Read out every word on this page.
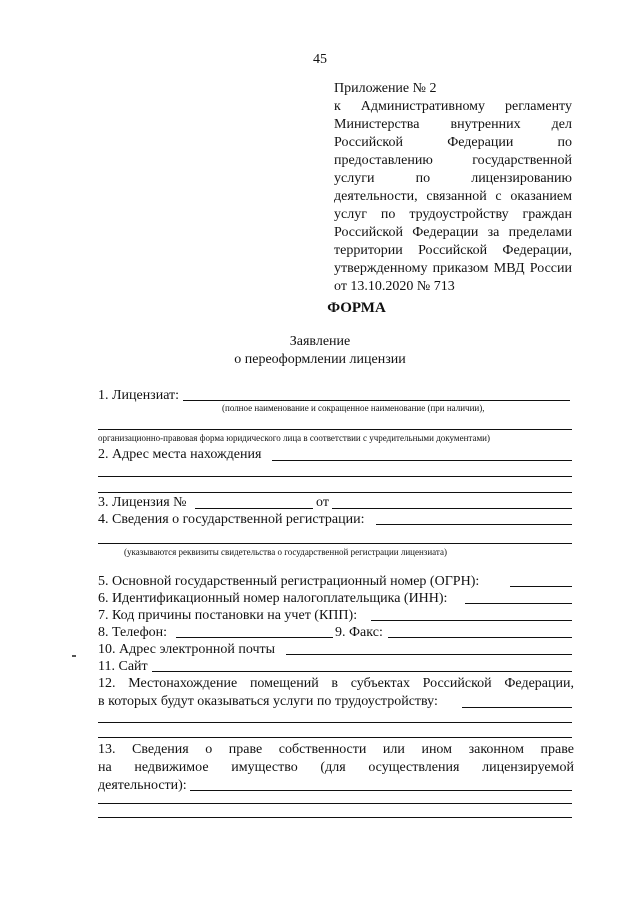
45
Приложение № 2
к Административному регламенту
Министерства внутренних дел
Российской Федерации по
предоставлению государственной
услуги по лицензированию
деятельности, связанной с оказанием
услуг по трудоустройству граждан
Российской Федерации за пределами
территории Российской Федерации,
утвержденному приказом МВД России
от 13.10.2020 № 713
ФОРМА
Заявление
о переоформлении лицензии
1. Лицензиат:
(полное наименование и сокращенное наименование (при наличии),
организационно-правовая форма юридического лица в соответствии с учредительными документами)
2. Адрес места нахождения
3. Лицензия №	от
4. Сведения о государственной регистрации:
(указываются реквизиты свидетельства о государственной регистрации лицензиата)
5. Основной государственный регистрационный номер (ОГРН):
6. Идентификационный номер налогоплательщика (ИНН):
7. Код причины постановки на учет (КПП):
8. Телефон:	9. Факс:
10. Адрес электронной почты
11. Сайт
12. Местонахождение помещений в субъектах Российской Федерации,
в которых будут оказываться услуги по трудоустройству:
13. Сведения о праве собственности или ином законном праве
на недвижимое имущество (для осуществления лицензируемой
деятельности):
